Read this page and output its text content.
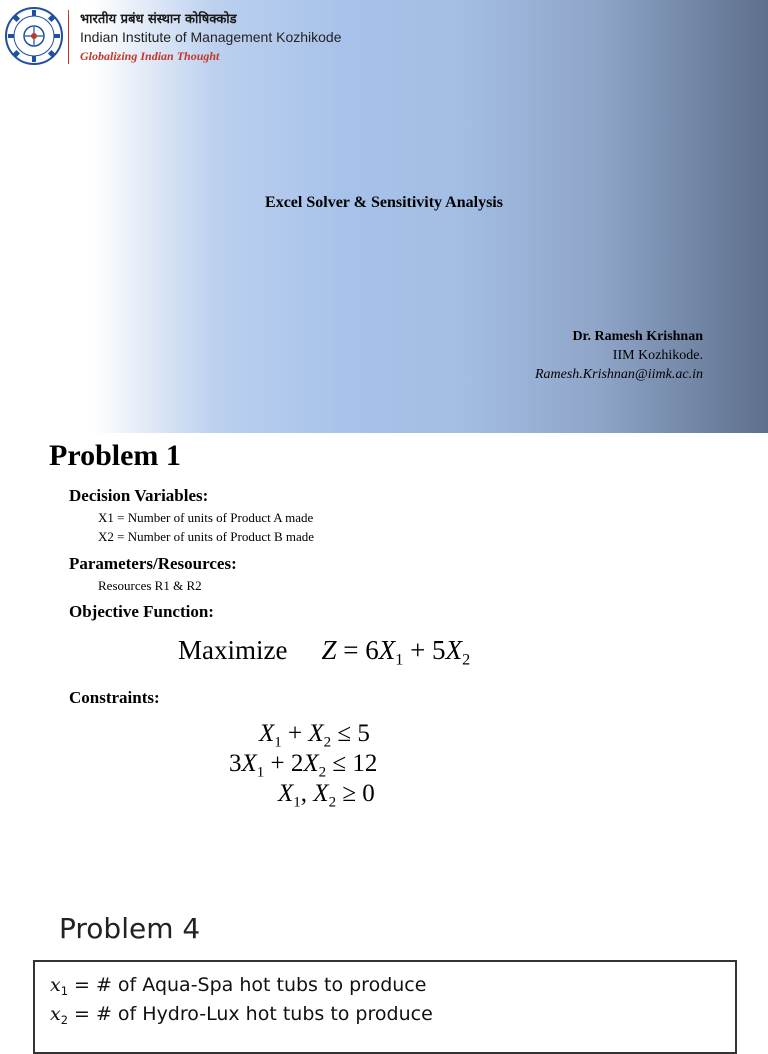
भारतीय प्रबंध संस्थान कोषिक्कोड
Indian Institute of Management Kozhikode
Globalizing Indian Thought
Excel Solver & Sensitivity Analysis
Dr. Ramesh Krishnan
IIM Kozhikode.
Ramesh.Krishnan@iimk.ac.in
Problem 1
Decision Variables:
X1 = Number of units of Product A made
X2 = Number of units of Product B made
Parameters/Resources:
Resources R1 & R2
Objective Function:
Maximize $Z = 6X_1 + 5X_2$
Constraints:
$X_1 + X_2 \le 5$
$3X_1 + 2X_2 \le 12$
$X_1$, $X_2 \ge 0$
Problem 4
$x_1$ = # of Aqua-Spa hot tubs to produce
$x_2$ = # of Hydro-Lux hot tubs to produce
